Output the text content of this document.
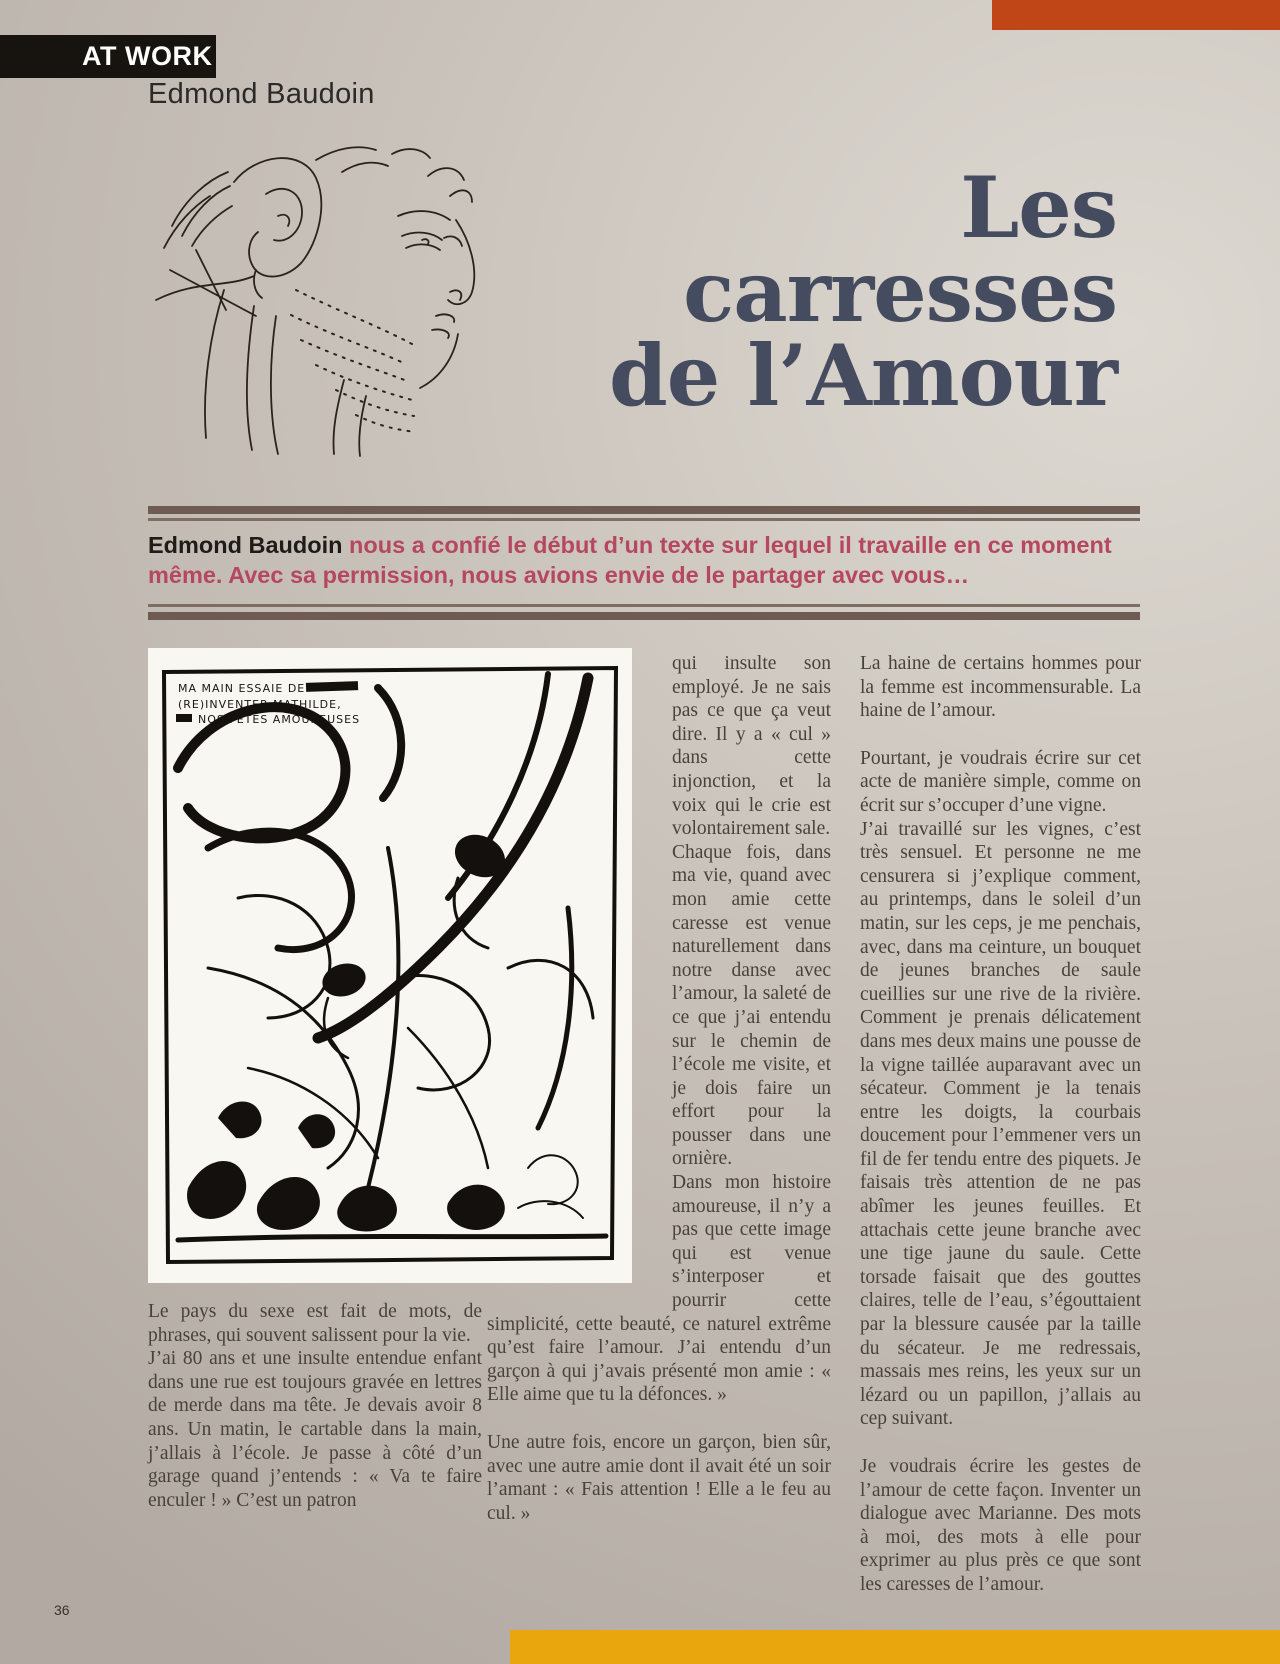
AT WORK
Edmond Baudoin
Les
carresses
de l’Amour
Edmond Baudoin nous a confié le début d’un texte sur lequel il travaille en ce moment même. Avec sa permission, nous avions envie de le partager avec vous…
MA MAIN ESSAIE DE
(RE)INVENTER MATHILDE,
NOS FÊTES AMOUREUSES

Le pays du sexe est fait de mots, de phrases, qui souvent salissent pour la vie.

J’ai 80 ans et une insulte entendue enfant dans une rue est toujours gravée en lettres de merde dans ma tête. Je devais avoir 8 ans. Un matin, le cartable dans la main, j’allais à l’école. Je passe à côté d’un garage quand j’entends : « Va te faire enculer ! » C’est un patron

qui insulte son employé. Je ne sais pas ce que ça veut dire. Il y a « cul » dans cette injonction, et la voix qui le crie est volontairement sale.

Chaque fois, dans ma vie, quand avec mon amie cette caresse est venue naturellement dans notre danse avec l’amour, la saleté de ce que j’ai entendu sur le chemin de l’école me visite, et je dois faire un effort pour la pousser dans une ornière.

Dans mon histoire amoureuse, il n’y a pas que cette image qui est venue s’interposer et pourrir cette simplicité, cette beauté, ce naturel extrême qu’est faire l’amour. J’ai entendu d’un garçon à qui j’avais présenté mon amie : « Elle aime que tu la défonces. »

Une autre fois, encore un garçon, bien sûr, avec une autre amie dont il avait été un soir l’amant : « Fais attention ! Elle a le feu au cul. »

La haine de certains hommes pour la femme est incommensurable. La haine de l’amour.

Pourtant, je voudrais écrire sur cet acte de manière simple, comme on écrit sur s’occuper d’une vigne.

J’ai travaillé sur les vignes, c’est très sensuel. Et personne ne me censurera si j’explique comment, au printemps, dans le soleil d’un matin, sur les ceps, je me penchais, avec, dans ma ceinture, un bouquet de jeunes branches de saule cueillies sur une rive de la rivière. Comment je prenais délicatement dans mes deux mains une pousse de la vigne taillée auparavant avec un sécateur. Comment je la tenais entre les doigts, la courbais doucement pour l’emmener vers un fil de fer tendu entre des piquets. Je faisais très attention de ne pas abîmer les jeunes feuilles. Et attachais cette jeune branche avec une tige jaune du saule. Cette torsade faisait que des gouttes claires, telle de l’eau, s’égouttaient par la blessure causée par la taille du sécateur. Je me redressais, massais mes reins, les yeux sur un lézard ou un papillon, j’allais au cep suivant.

Je voudrais écrire les gestes de l’amour de cette façon. Inventer un dialogue avec Marianne. Des mots à moi, des mots à elle pour exprimer au plus près ce que sont les caresses de l’amour.

36
